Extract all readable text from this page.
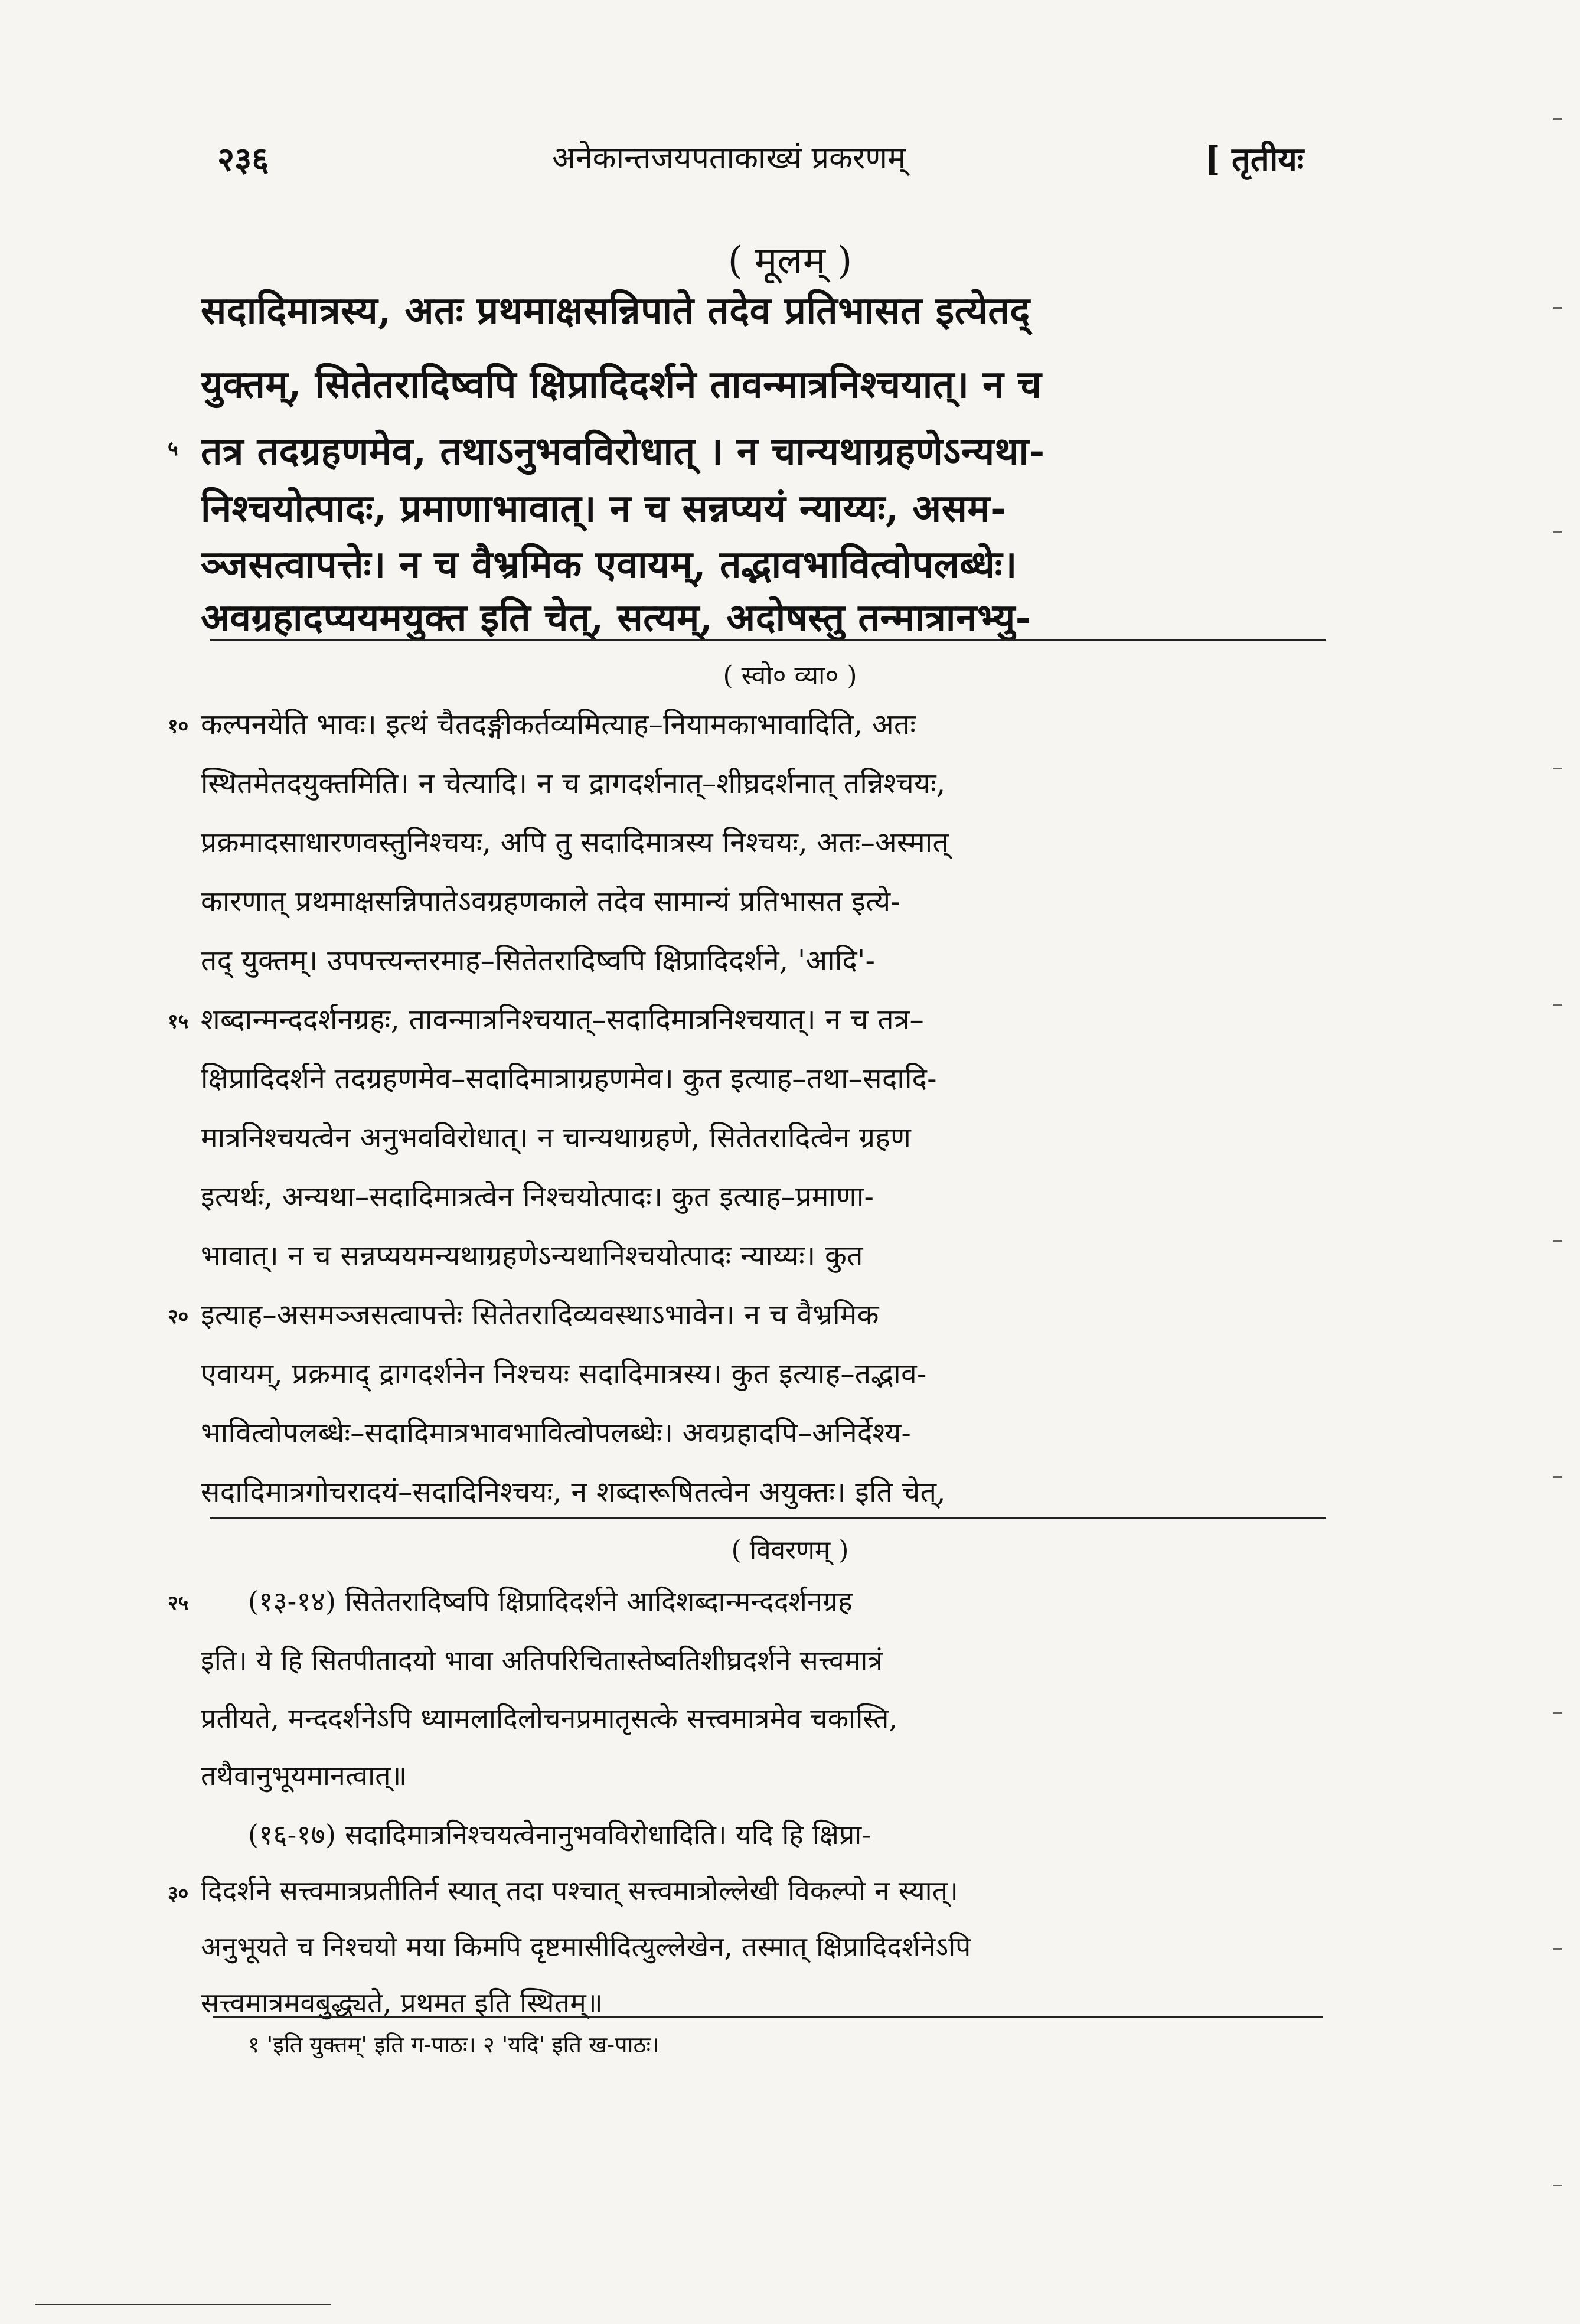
२३६	अनेकान्तजयपताकाख्यं प्रकरणम्	[ तृतीयः
( मूलम् )
सदादिमात्रस्य, अतः प्रथमाक्षसन्निपाते तदेव प्रतिभासत इत्येतद्
युक्तम्, सितेतरादिष्वपि क्षिप्रादिदर्शने तावन्मात्रनिश्चयात्। न च
तत्र तदग्रहणमेव, तथाऽनुभवविरोधात् । न चान्यथाग्रहणेऽन्यथा-
निश्चयोत्पादः, प्रमाणाभावात्। न च सन्नप्ययं न्याय्यः, असम-
ञ्जसत्वापत्तेः। न च वैभ्रमिक एवायम्, तद्भावभावित्वोपलब्धेः।
अवग्रहादप्ययमयुक्त इति चेत्, सत्यम्, अदोषस्तु तन्मात्रानभ्यु-
५
( स्वो० व्या० )
कल्पनयेति भावः। इत्थं चैतदङ्गीकर्तव्यमित्याह–नियामकाभावादिति, अतः
स्थितमेतदयुक्तमिति। न चेत्यादि। न च द्रागदर्शनात्–शीघ्रदर्शनात् तन्निश्चयः,
प्रक्रमादसाधारणवस्तुनिश्चयः, अपि तु सदादिमात्रस्य निश्चयः, अतः–अस्मात्
कारणात् प्रथमाक्षसन्निपातेऽवग्रहणकाले तदेव सामान्यं प्रतिभासत इत्ये-
तद् युक्तम्। उपपत्त्यन्तरमाह–सितेतरादिष्वपि क्षिप्रादिदर्शने, 'आदि'-
शब्दान्मन्ददर्शनग्रहः, तावन्मात्रनिश्चयात्–सदादिमात्रनिश्चयात्। न च तत्र–
क्षिप्रादिदर्शने तदग्रहणमेव–सदादिमात्राग्रहणमेव। कुत इत्याह–तथा–सदादि-
मात्रनिश्चयत्वेन अनुभवविरोधात्। न चान्यथाग्रहणे, सितेतरादित्वेन ग्रहण
इत्यर्थः, अन्यथा–सदादिमात्रत्वेन निश्चयोत्पादः। कुत इत्याह–प्रमाणा-
भावात्। न च सन्नप्ययमन्यथाग्रहणेऽन्यथानिश्चयोत्पादः न्याय्यः। कुत
इत्याह–असमञ्जसत्वापत्तेः सितेतरादिव्यवस्थाऽभावेन। न च वैभ्रमिक
एवायम्, प्रक्रमाद् द्रागदर्शनेन निश्चयः सदादिमात्रस्य। कुत इत्याह–तद्भाव-
भावित्वोपलब्धेः–सदादिमात्रभावभावित्वोपलब्धेः। अवग्रहादपि–अनिर्देश्य-
सदादिमात्रगोचरादयं–सदादिनिश्चयः, न शब्दारूषितत्वेन अयुक्तः। इति चेत्,
१०
१५
२०
( विवरणम् )
(१३-१४) सितेतरादिष्वपि क्षिप्रादिदर्शने आदिशब्दान्मन्ददर्शनग्रह
इति। ये हि सितपीतादयो भावा अतिपरिचितास्तेष्वतिशीघ्रदर्शने सत्त्वमात्रं
प्रतीयते, मन्ददर्शनेऽपि ध्यामलादिलोचनप्रमातृसत्के सत्त्वमात्रमेव चकास्ति,
तथैवानुभूयमानत्वात्॥
(१६-१७) सदादिमात्रनिश्चयत्वेनानुभवविरोधादिति। यदि हि क्षिप्रा-
दिदर्शने सत्त्वमात्रप्रतीतिर्न स्यात् तदा पश्चात् सत्त्वमात्रोल्लेखी विकल्पो न स्यात्।
अनुभूयते च निश्चयो मया किमपि दृष्टमासीदित्युल्लेखेन, तस्मात् क्षिप्रादिदर्शनेऽपि
सत्त्वमात्रमवबुद्ध्यते, प्रथमत इति स्थितम्॥
२५
३०
१ 'इति युक्तम्' इति ग-पाठः। २ 'यदि' इति ख-पाठः।
